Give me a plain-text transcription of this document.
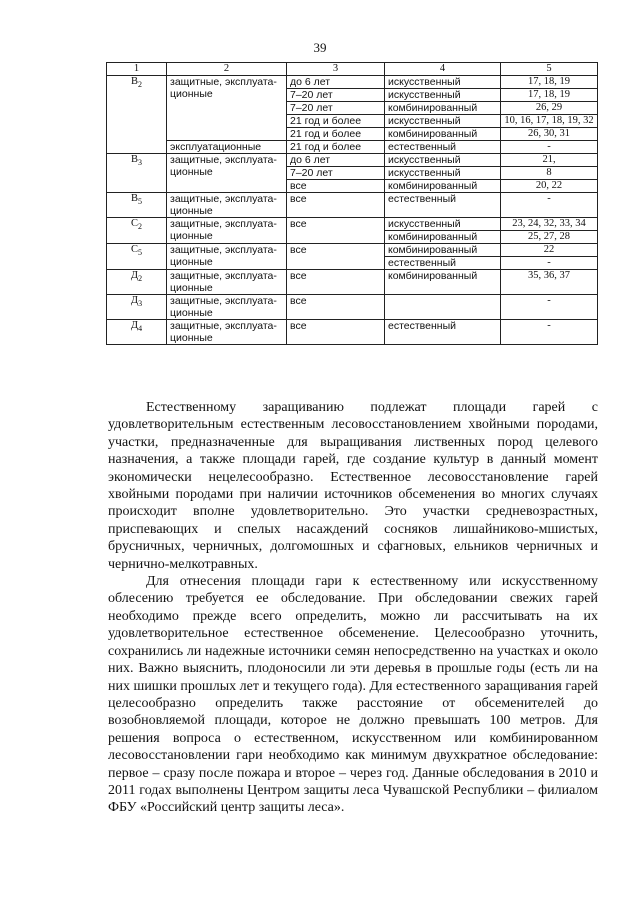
39
1	2	3	4	5
$В_2$	защитные, эксплуата-ционные	до 6 лет	искусственный	17, 18, 19
		7–20 лет	искусственный	17, 18, 19
		7–20 лет	комбинированный	26, 29
		21 год и более	искусственный	10, 16, 17, 18, 19, 32
		21 год и более	комбинированный	26, 30, 31
	эксплуатационные	21 год и более	естественный	-
$В_3$	защитные, эксплуата-ционные	до 6 лет	искусственный	21,
		7–20 лет	искусственный	8
		все	комбинированный	20, 22
$В_5$	защитные, эксплуата-ционные	все	естественный	-
$С_2$	защитные, эксплуата-ционные	все	искусственный	23, 24, 32, 33, 34
			комбинированный	25, 27, 28
$С_5$	защитные, эксплуата-ционные	все	комбинированный	22
			естественный	-
$Д_2$	защитные, эксплуата-ционные	все	комбинированный	35, 36, 37
$Д_3$	защитные, эксплуата-ционные	все		-
$Д_4$	защитные, эксплуата-ционные	все	естественный	-

Естественному заращиванию подлежат площади гарей с удовлетворительным естественным лесовосстановлением хвойными породами, участки, предназначенные для выращивания лиственных пород целевого назначения, а также площади гарей, где создание культур в данный момент экономически нецелесообразно. Естественное лесовосстановление гарей хвойными породами при наличии источников обсеменения во многих случаях происходит вполне удовлетворительно. Это участки средневозрастных, приспевающих и спелых насаждений сосняков лишайниково-мшистых, брусничных, черничных, долгомошных и сфагновых, ельников черничных и чернично-мелкотравных.

Для отнесения площади гари к естественному или искусственному облесению требуется ее обследование. При обследовании свежих гарей необходимо прежде всего определить, можно ли рассчитывать на их удовлетворительное естественное обсеменение. Целесообразно уточнить, сохранились ли надежные источники семян непосредственно на участках и около них. Важно выяснить, плодоносили ли эти деревья в прошлые годы (есть ли на них шишки прошлых лет и текущего года). Для естественного заращивания гарей целесообразно определить также расстояние от обсеменителей до возобновляемой площади, которое не должно превышать 100 метров. Для решения вопроса о естественном, искусственном или комбинированном лесовосстановлении гари необходимо как минимум двухкратное обследование: первое – сразу после пожара и второе – через год. Данные обследования в 2010 и 2011 годах выполнены Центром защиты леса Чувашской Республики – филиалом ФБУ «Российский центр защиты леса».
